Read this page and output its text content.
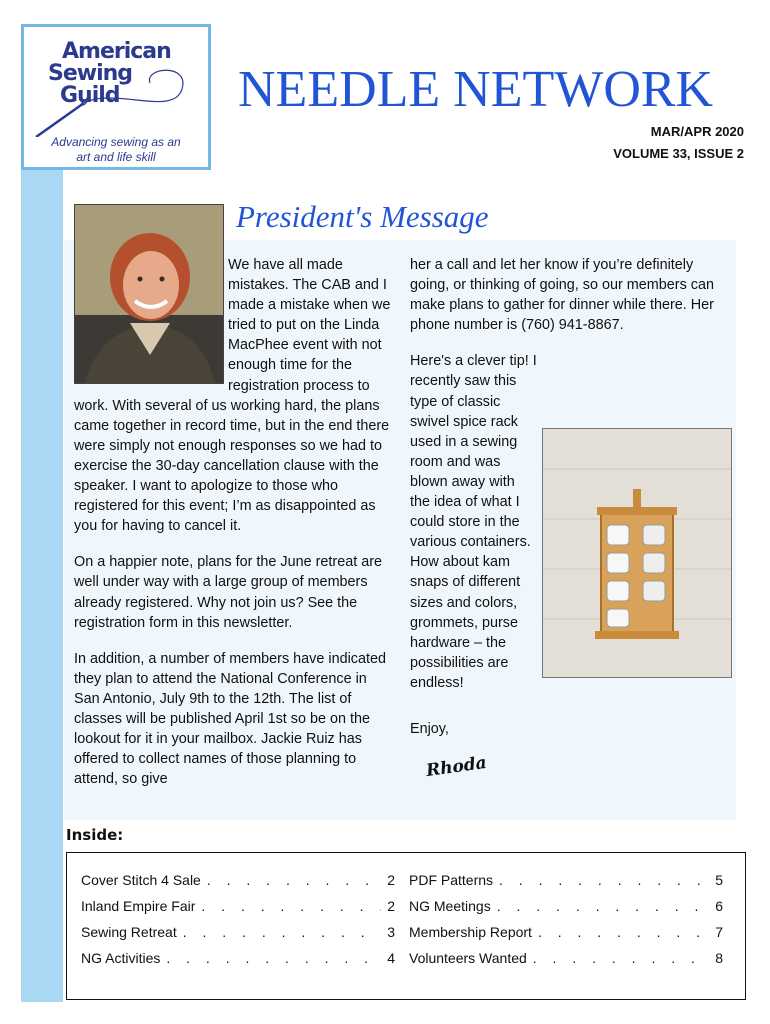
American
Sewing
Guild
Advancing sewing as an
art and life skill
NEEDLE NETWORK
MAR/APR 2020
VOLUME 33, ISSUE 2
President's Message

We have all made mistakes. The CAB and I made a mistake when we tried to put on the Linda MacPhee event with not enough time for the registration process to work. With several of us working hard, the plans came together in record time, but in the end there were simply not enough responses so we had to exercise the 30-day cancellation clause with the speaker. I want to apologize to those who registered for this event; I’m as disappointed as you for having to cancel it.

On a happier note, plans for the June retreat are well under way with a large group of members already registered. Why not join us? See the registration form in this newsletter.

In addition, a number of members have indicated they plan to attend the National Conference in San Antonio, July 9th to the 12th. The list of classes will be published April 1st so be on the lookout for it in your mailbox. Jackie Ruiz has offered to collect names of those planning to attend, so give

her a call and let her know if you’re definitely going, or thinking of going, so our members can make plans to gather for dinner while there. Her phone number is (760) 941-8867.

Here's a clever tip! I recently saw this type of classic swivel spice rack used in a sewing room and was blown away with the idea of what I could store in the various containers. How about kam snaps of different sizes and colors, grommets, purse hardware – the possibilities are endless!

Enjoy,

Rhoda
Inside:
Cover Stitch 4 Sale . . .	2
Inland Empire Fair . . .	2
Sewing Retreat . . .	3
NG Activities . . .	4
PDF Patterns . . .	5
NG Meetings . . .	6
Membership Report . . .	7
Volunteers Wanted . . .	8
